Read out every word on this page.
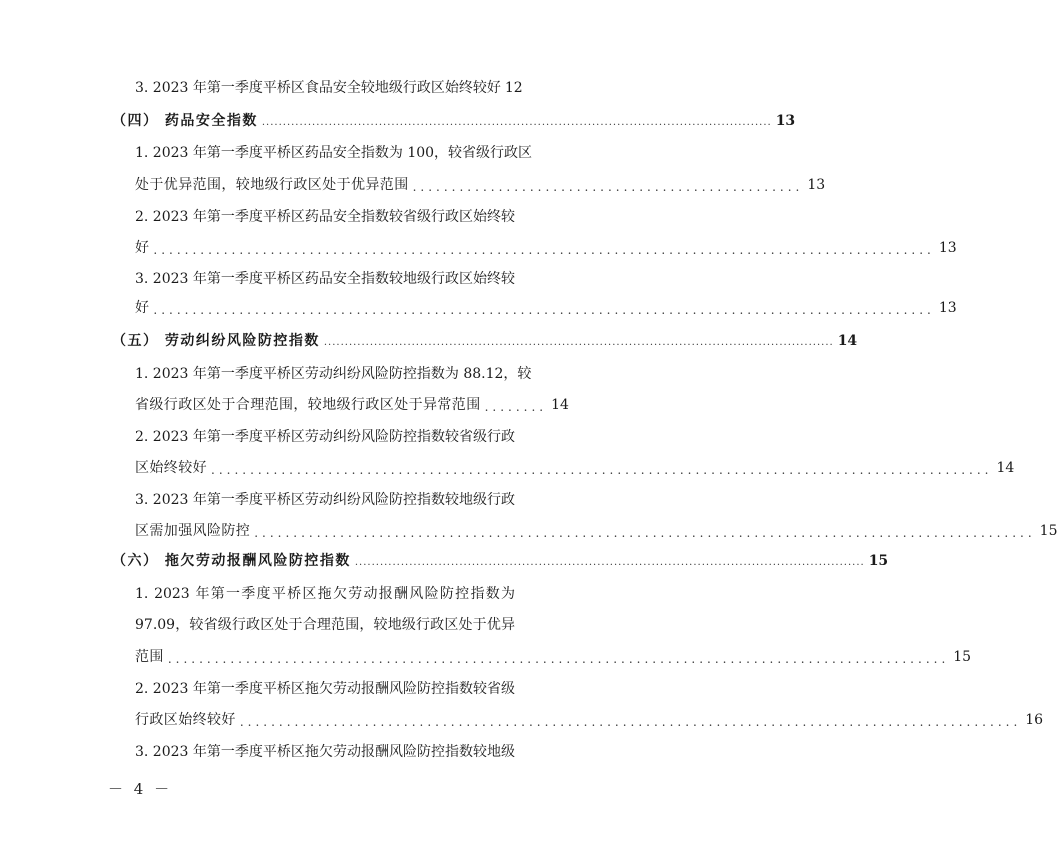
3. 2023 年第一季度平桥区食品安全较地级行政区始终较好 12
（四） 药品安全指数 .......................................................................................................................... 13
1. 2023 年第一季度平桥区药品安全指数为 100，较省级行政区
处于优异范围，较地级行政区处于优异范围 .................................................. 13
2. 2023 年第一季度平桥区药品安全指数较省级行政区始终较
好 .................................................................................................... 13
3. 2023 年第一季度平桥区药品安全指数较地级行政区始终较
好 .................................................................................................... 13
（五） 劳动纠纷风险防控指数 .......................................................................................................................... 14
1. 2023 年第一季度平桥区劳动纠纷风险防控指数为 88.12，较
省级行政区处于合理范围，较地级行政区处于异常范围 ........ 14
2. 2023 年第一季度平桥区劳动纠纷风险防控指数较省级行政
区始终较好 .................................................................................................... 14
3. 2023 年第一季度平桥区劳动纠纷风险防控指数较地级行政
区需加强风险防控 .................................................................................................... 15
（六） 拖欠劳动报酬风险防控指数 .......................................................................................................................... 15
1. 2023 年第一季度平桥区拖欠劳动报酬风险防控指数为
97.09，较省级行政区处于合理范围，较地级行政区处于优异
范围 .................................................................................................... 15
2. 2023 年第一季度平桥区拖欠劳动报酬风险防控指数较省级
行政区始终较好 .................................................................................................... 16
3. 2023 年第一季度平桥区拖欠劳动报酬风险防控指数较地级
－ 4 －
